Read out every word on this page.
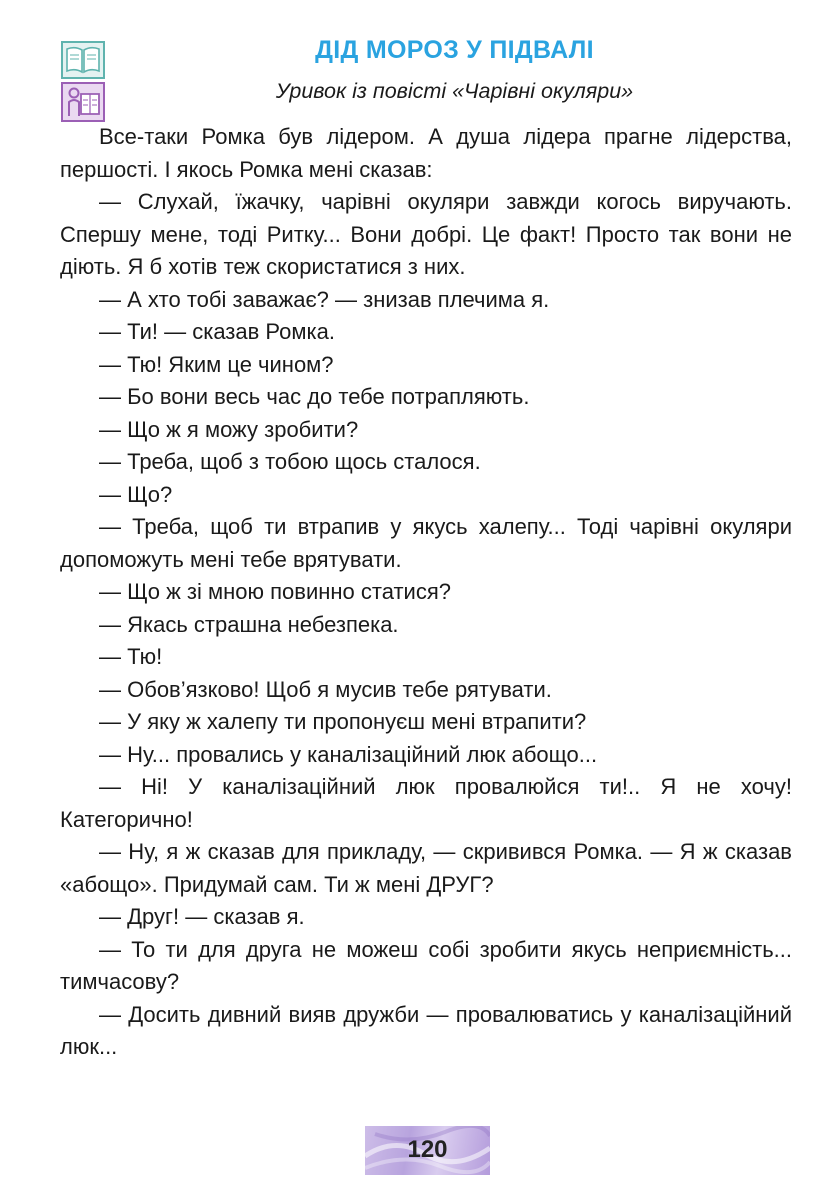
ДІД МОРОЗ У ПІДВАЛІ
Уривок із повісті «Чарівні окуляри»

Все-таки Ромка був лідером. А душа лідера прагне лідерства, першості. І якось Ромка мені сказав:

— Слухай, їжачку, чарівні окуляри завжди когось виручають. Спершу мене, тоді Ритку... Вони добрі. Це факт! Просто так вони не діють. Я б хотів теж скористатися з них.

— А хто тобі заважає? — знизав плечима я.

— Ти! — сказав Ромка.

— Тю! Яким це чином?

— Бо вони весь час до тебе потрапляють.

— Що ж я можу зробити?

— Треба, щоб з тобою щось сталося.

— Що?

— Треба, щоб ти втрапив у якусь халепу... Тоді чарівні окуляри допоможуть мені тебе врятувати.

— Що ж зі мною повинно статися?

— Якась страшна небезпека.

— Тю!

— Обов’язково! Щоб я мусив тебе рятувати.

— У яку ж халепу ти пропонуєш мені втрапити?

— Ну... провались у каналізаційний люк абощо...

— Ні! У каналізаційний люк провалюйся ти!.. Я не хочу! Категорично!

— Ну, я ж сказав для прикладу, — скривився Ромка. — Я ж сказав «абощо». Придумай сам. Ти ж мені ДРУГ?

— Друг! — сказав я.

— То ти для друга не можеш собі зробити якусь неприємність... тимчасову?

— Досить дивний вияв дружби — провалюватись у каналізаційний люк...

120
